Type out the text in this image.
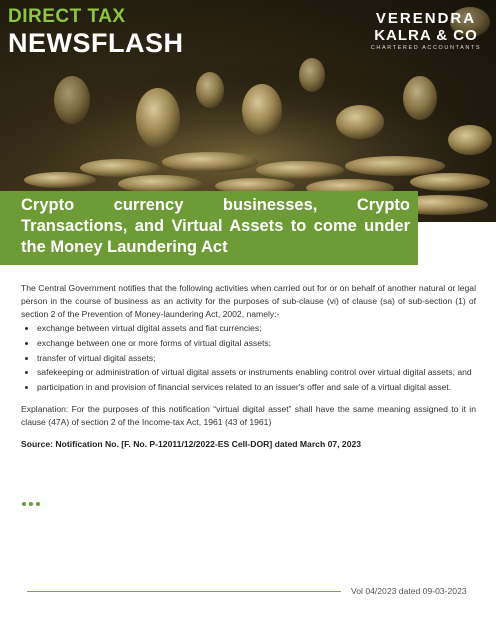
DIRECT TAX
NEWSFLASH
VERENDRA
KALRA & CO
CHARTERED ACCOUNTANTS
Crypto currency businesses, Crypto Transactions, and Virtual Assets to come under the Money Laundering Act

The Central Government notifies that the following activities when carried out for or on behalf of another natural or legal person in the course of business as an activity for the purposes of sub-clause (vi) of clause (sa) of sub-section (1) of section 2 of the Prevention of Money-laundering Act, 2002, namely:-

• exchange between virtual digital assets and fiat currencies;
• exchange between one or more forms of virtual digital assets;
• transfer of virtual digital assets;
• safekeeping or administration of virtual digital assets or instruments enabling control over virtual digital assets; and
• participation in and provision of financial services related to an issuer's offer and sale of a virtual digital asset.

Explanation: For the purposes of this notification “virtual digital asset” shall have the same meaning assigned to it in clause (47A) of section 2 of the Income-tax Act, 1961 (43 of 1961)

Source: Notification No. [F. No. P-12011/12/2022-ES Cell-DOR] dated March 07, 2023

Vol 04/2023 dated 09-03-2023
